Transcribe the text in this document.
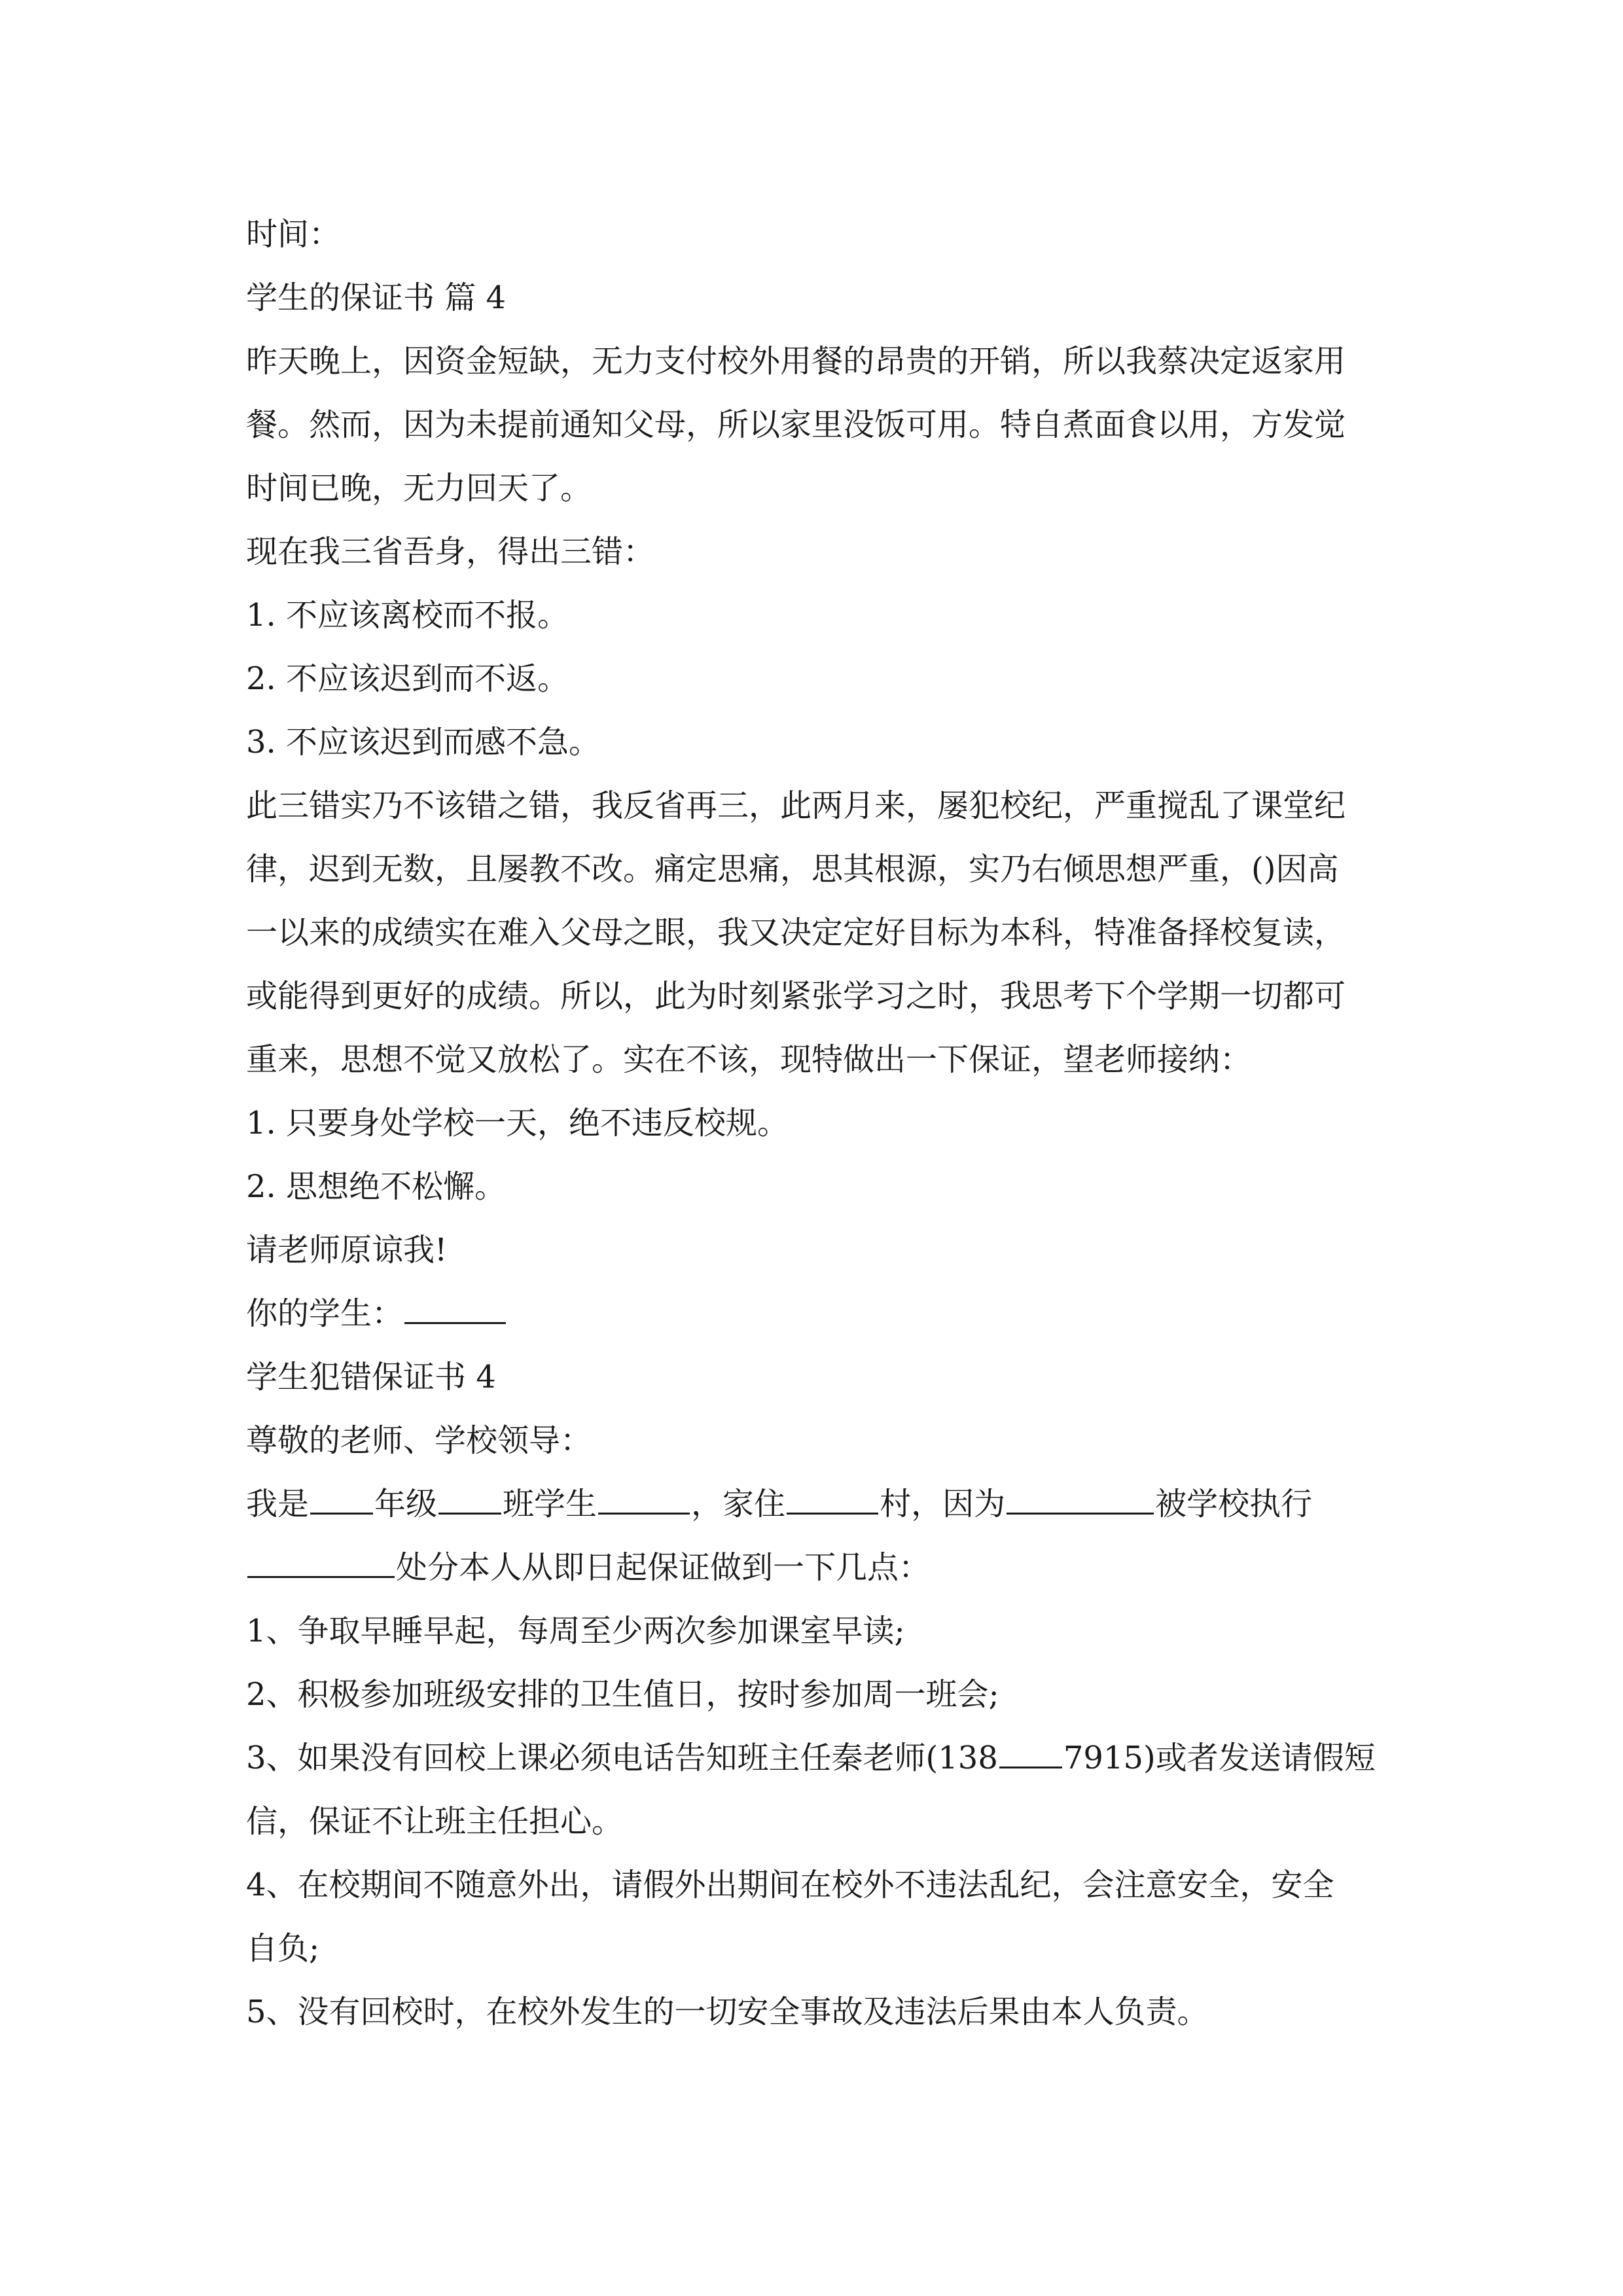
时间：
学生的保证书 篇 4
昨天晚上，因资金短缺，无力支付校外用餐的昂贵的开销，所以我蔡决定返家用
餐。然而，因为未提前通知父母，所以家里没饭可用。特自煮面食以用，方发觉
时间已晚，无力回天了。
现在我三省吾身，得出三错：
1. 不应该离校而不报。
2. 不应该迟到而不返。
3. 不应该迟到而感不急。
此三错实乃不该错之错，我反省再三，此两月来，屡犯校纪，严重搅乱了课堂纪
律，迟到无数，且屡教不改。痛定思痛，思其根源，实乃右倾思想严重，()因高
一以来的成绩实在难入父母之眼，我又决定定好目标为本科，特准备择校复读，
或能得到更好的成绩。所以，此为时刻紧张学习之时，我思考下个学期一切都可
重来，思想不觉又放松了。实在不该，现特做出一下保证，望老师接纳：
1. 只要身处学校一天，绝不违反校规。
2. 思想绝不松懈。
请老师原谅我!
你的学生：
学生犯错保证书 4
尊敬的老师、学校领导：
我是 年级 班学生	，家住	村，因为	被学校执行
处分本人从即日起保证做到一下几点：
1、争取早睡早起，每周至少两次参加课室早读;
2、积极参加班级安排的卫生值日，按时参加周一班会;
3、如果没有回校上课必须电话告知班主任秦老师(138 7915)或者发送请假短
信，保证不让班主任担心。
4、在校期间不随意外出，请假外出期间在校外不违法乱纪，会注意安全，安全
自负;
5、没有回校时，在校外发生的一切安全事故及违法后果由本人负责。
